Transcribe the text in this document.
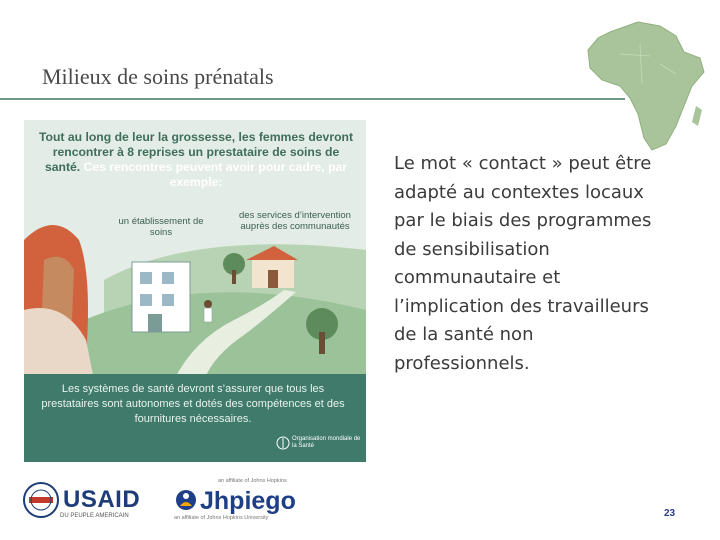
Milieux de soins prénatals
Tout au long de leur la grossesse, les femmes devront rencontrer à 8 reprises un prestataire de soins de santé. Ces rencontres peuvent avoir pour cadre, par exemple:
un établissement de soins
des services d’intervention auprès des communautés
Les systèmes de santé devront s’assurer que tous les prestataires sont autonomes et dotés des compétences et des fournitures nécessaires.
Organisation mondiale de la Santé
Le mot « contact » peut être adapté au contextes locaux par le biais des programmes de sensibilisation communautaire et l’implication des travailleurs de la santé non professionnels.
USAID
DU PEUPLE AMERICAIN
an affiliate of Johns Hopkins
Jhpiego
an affiliate of Johns Hopkins University	23
